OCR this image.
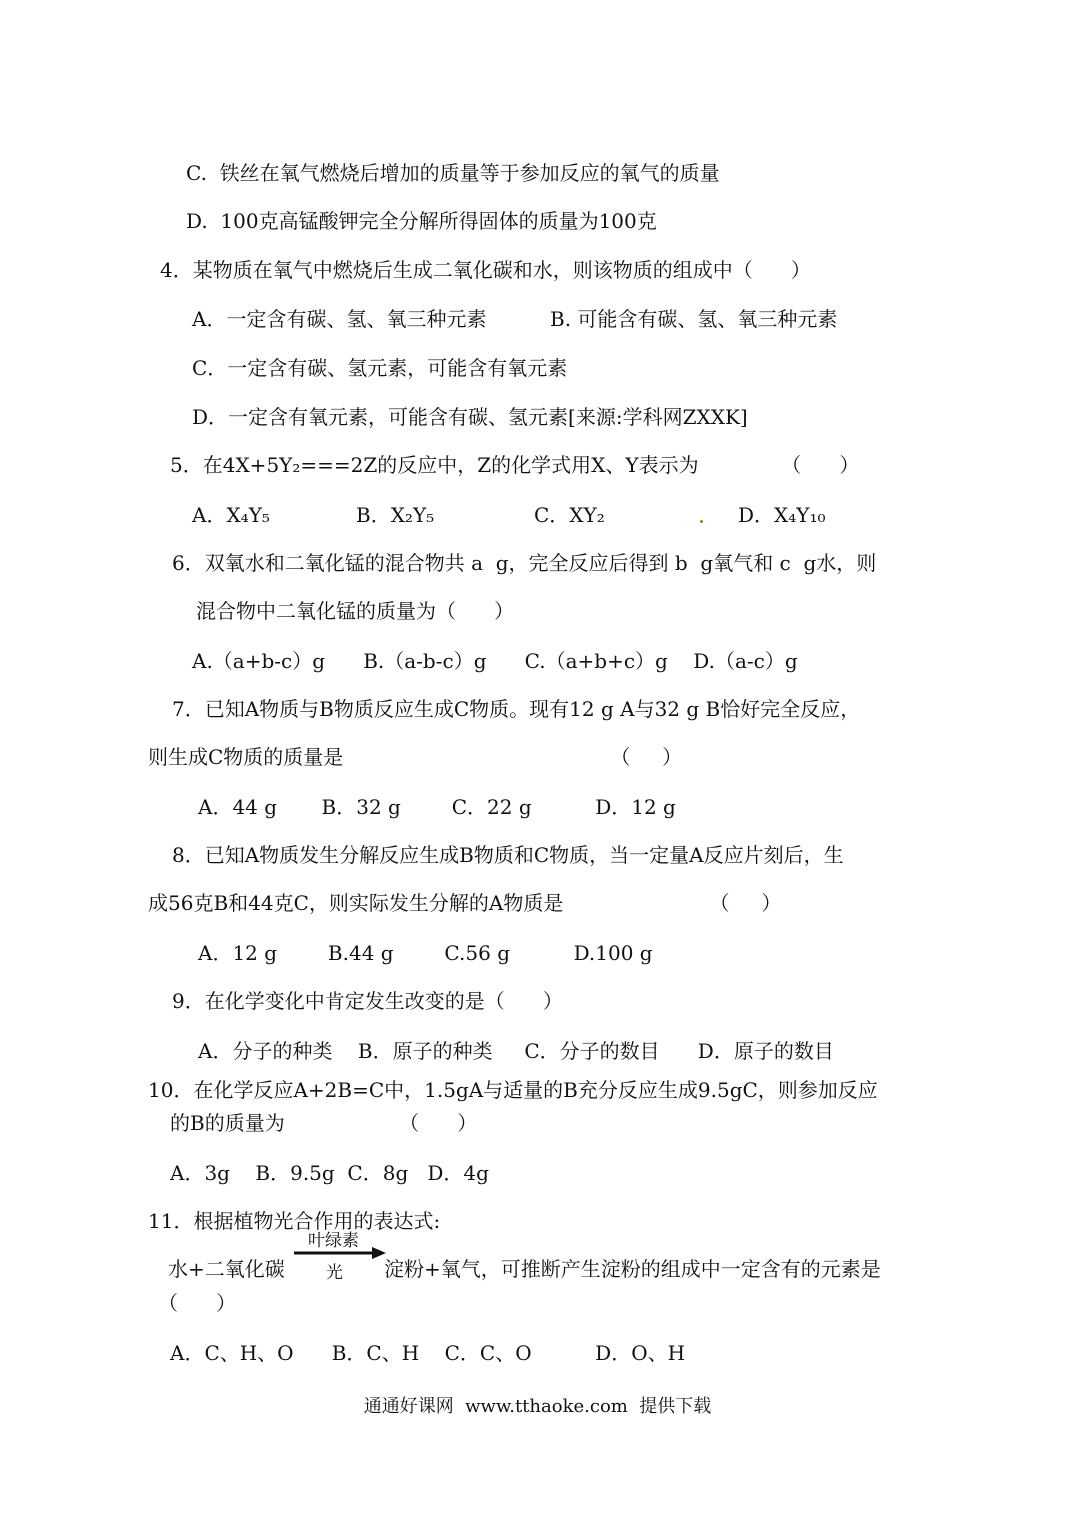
C.  铁丝在氧气燃烧后增加的质量等于参加反应的氧气的质量
D.  100克高锰酸钾完全分解所得固体的质量为100克
4．某物质在氧气中燃烧后生成二氧化碳和水，则该物质的组成中（      ）
A．一定含有碳、氢、氧三种元素          B. 可能含有碳、氢、氧三种元素
C．一定含有碳、氢元素，可能含有氧元素
D．一定含有氧元素，可能含有碳、氢元素[来源:学科网ZXXK]
5．在4X+5Y₂===2Z的反应中，Z的化学式用X、Y表示为             （      ）
A．X₄Y₅	B．X₂Y₅	C．XY₂	D．X₄Y₁₀
6．双氧水和二氧化锰的混合物共 a  g，完全反应后得到 b  g氧气和 c  g水，则
混合物中二氧化锰的质量为（      ）
A.（a+b-c）g      B.（a-b-c）g      C.（a+b+c）g    D.（a-c）g
7．已知A物质与B物质反应生成C物质。现有12 g A与32 g B恰好完全反应，
则生成C物质的质量是                                          （     ）
A．44 g       B．32 g        C．22 g          D．12 g
8．已知A物质发生分解反应生成B物质和C物质，当一定量A反应片刻后，生
成56克B和44克C，则实际发生分解的A物质是                       （     ）
A．12 g        B.44 g        C.56 g          D.100 g
9．在化学变化中肯定发生改变的是（      ）
A．分子的种类    B．原子的种类     C．分子的数目      D．原子的数目
10．在化学反应A+2B=C中，1.5gA与适量的B充分反应生成9.5gC，则参加反应
的B的质量为                  （      ）
A．3g    B．9.5g  C．8g   D．4g
11．根据植物光合作用的表达式:
水+二氧化碳
叶绿素
光 淀粉+氧气，可推断产生淀粉的组成中一定含有的元素是
（      ）
A．C、H、O      B．C、H    C．C、O          D．O、H
通通好课网  www.tthaoke.com  提供下载
